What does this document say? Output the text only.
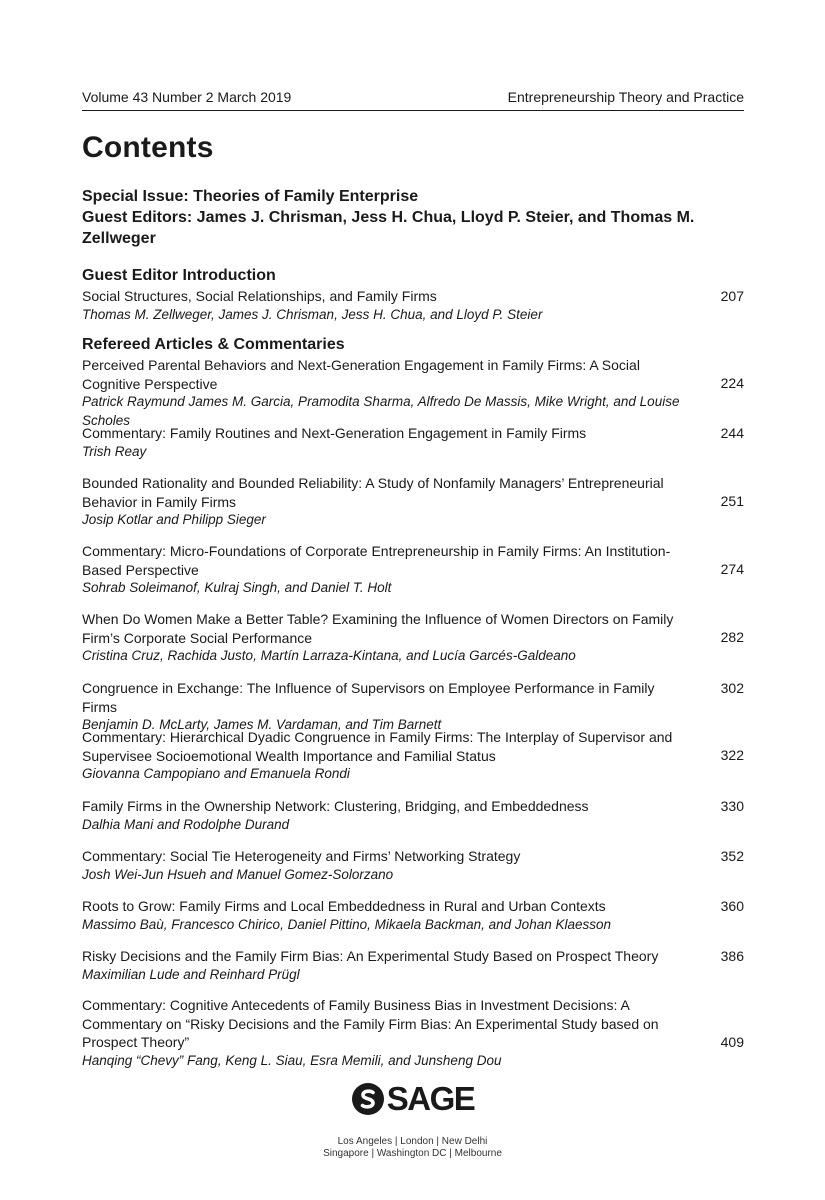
Volume 43 Number 2 March 2019	Entrepreneurship Theory and Practice
Contents
Special Issue: Theories of Family Enterprise
Guest Editors: James J. Chrisman, Jess H. Chua, Lloyd P. Steier, and Thomas M. Zellweger
Guest Editor Introduction
Social Structures, Social Relationships, and Family Firms
Thomas M. Zellweger, James J. Chrisman, Jess H. Chua, and Lloyd P. Steier
207
Refereed Articles & Commentaries
Perceived Parental Behaviors and Next-Generation Engagement in Family Firms: A Social Cognitive Perspective
Patrick Raymund James M. Garcia, Pramodita Sharma, Alfredo De Massis, Mike Wright, and Louise Scholes
224
Commentary: Family Routines and Next-Generation Engagement in Family Firms
Trish Reay
244
Bounded Rationality and Bounded Reliability: A Study of Nonfamily Managers’ Entrepreneurial Behavior in Family Firms
Josip Kotlar and Philipp Sieger
251
Commentary: Micro-Foundations of Corporate Entrepreneurship in Family Firms: An Institution-Based Perspective
Sohrab Soleimanof, Kulraj Singh, and Daniel T. Holt
274
When Do Women Make a Better Table? Examining the Influence of Women Directors on Family Firm’s Corporate Social Performance
Cristina Cruz, Rachida Justo, Martín Larraza-Kintana, and Lucía Garcés-Galdeano
282
Congruence in Exchange: The Influence of Supervisors on Employee Performance in Family Firms
Benjamin D. McLarty, James M. Vardaman, and Tim Barnett
302
Commentary: Hierarchical Dyadic Congruence in Family Firms: The Interplay of Supervisor and Supervisee Socioemotional Wealth Importance and Familial Status
Giovanna Campopiano and Emanuela Rondi
322
Family Firms in the Ownership Network: Clustering, Bridging, and Embeddedness
Dalhia Mani and Rodolphe Durand
330
Commentary: Social Tie Heterogeneity and Firms’ Networking Strategy
Josh Wei-Jun Hsueh and Manuel Gomez-Solorzano
352
Roots to Grow: Family Firms and Local Embeddedness in Rural and Urban Contexts
Massimo Baù, Francesco Chirico, Daniel Pittino, Mikaela Backman, and Johan Klaesson
360
Risky Decisions and the Family Firm Bias: An Experimental Study Based on Prospect Theory
Maximilian Lude and Reinhard Prügl
386
Commentary: Cognitive Antecedents of Family Business Bias in Investment Decisions: A Commentary on “Risky Decisions and the Family Firm Bias: An Experimental Study based on Prospect Theory”
Hanqing “Chevy” Fang, Keng L. Siau, Esra Memili, and Junsheng Dou
409
SAGE
Los Angeles | London | New Delhi
Singapore | Washington DC | Melbourne
